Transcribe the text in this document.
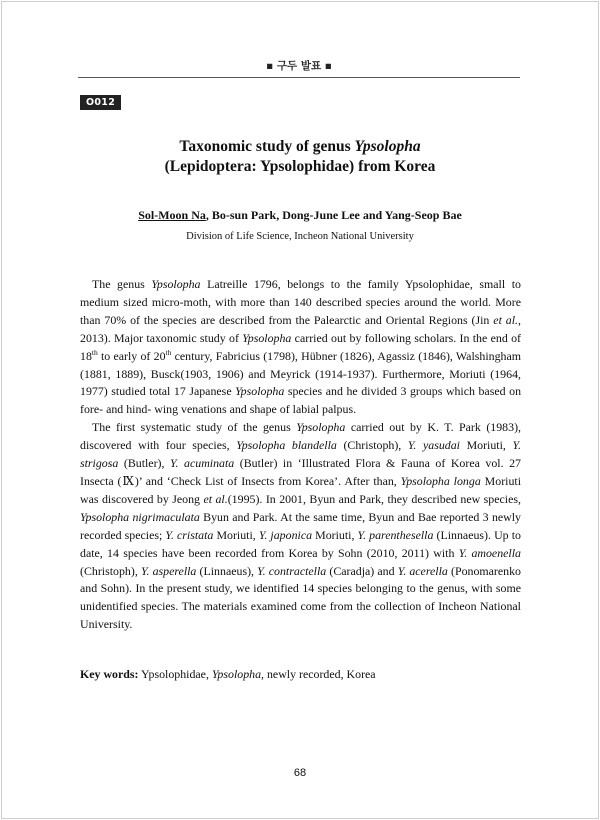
▪ 구두 발표 ▪
O012
Taxonomic study of genus Ypsolopha
(Lepidoptera: Ypsolophidae) from Korea
Sol-Moon Na, Bo-sun Park, Dong-June Lee and Yang-Seop Bae
Division of Life Science, Incheon National University

The genus Ypsolopha Latreille 1796, belongs to the family Ypsolophidae, small to medium sized micro-moth, with more than 140 described species around the world. More than 70% of the species are described from the Palearctic and Oriental Regions (Jin et al., 2013). Major taxonomic study of Ypsolopha carried out by following scholars. In the end of 18th to early of 20th century, Fabricius (1798), Hübner (1826), Agassiz (1846), Walshingham (1881, 1889), Busck(1903, 1906) and Meyrick (1914-1937). Furthermore, Moriuti (1964, 1977) studied total 17 Japanese Ypsolopha species and he divided 3 groups which based on fore- and hind- wing venations and shape of labial palpus.

The first systematic study of the genus Ypsolopha carried out by K. T. Park (1983), discovered with four species, Ypsolopha blandella (Christoph), Y. yasudai Moriuti, Y. strigosa (Butler), Y. acuminata (Butler) in ‘Illustrated Flora & Fauna of Korea vol. 27 Insecta (Ⅸ)’ and ‘Check List of Insects from Korea’. After than, Ypsolopha longa Moriuti was discovered by Jeong et al.(1995). In 2001, Byun and Park, they described new species, Ypsolopha nigrimaculata Byun and Park. At the same time, Byun and Bae reported 3 newly recorded species; Y. cristata Moriuti, Y. japonica Moriuti, Y. parenthesella (Linnaeus). Up to date, 14 species have been recorded from Korea by Sohn (2010, 2011) with Y. amoenella (Christoph), Y. asperella (Linnaeus), Y. contractella (Caradja) and Y. acerella (Ponomarenko and Sohn). In the present study, we identified 14 species belonging to the genus, with some unidentified species. The materials examined come from the collection of Incheon National University.

Key words: Ypsolophidae, Ypsolopha, newly recorded, Korea
68
